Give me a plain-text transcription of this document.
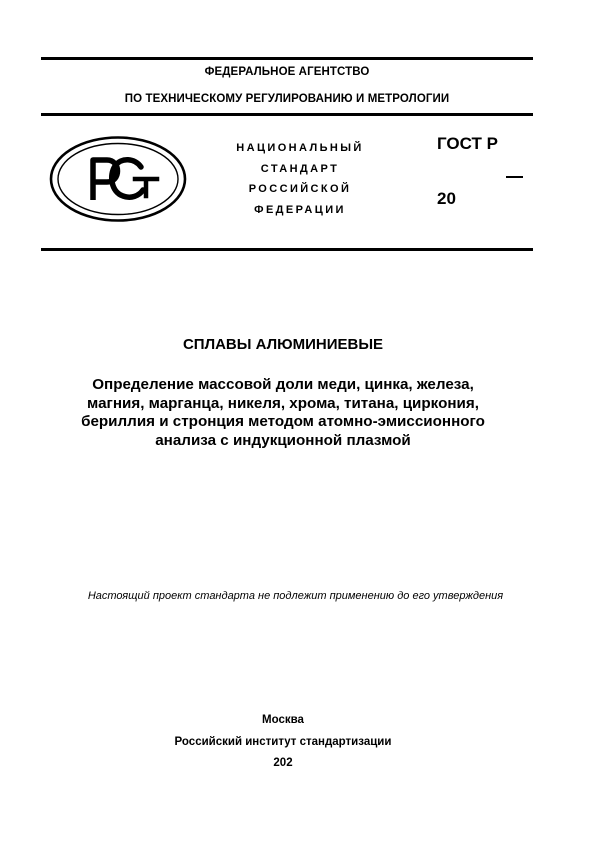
ФЕДЕРАЛЬНОЕ АГЕНТСТВО
ПО ТЕХНИЧЕСКОМУ РЕГУЛИРОВАНИЮ И МЕТРОЛОГИИ
НАЦИОНАЛЬНЫЙ
СТАНДАРТ
РОССИЙСКОЙ
ФЕДЕРАЦИИ
ГОСТ Р
20
СПЛАВЫ АЛЮМИНИЕВЫЕ
Определение массовой доли меди, цинка, железа,
магния, марганца, никеля, хрома, титана, циркония,
бериллия и стронция методом атомно-эмиссионного
анализа с индукционной плазмой
Настоящий проект стандарта не подлежит применению до его утверждения
Москва
Российский институт стандартизации
202
